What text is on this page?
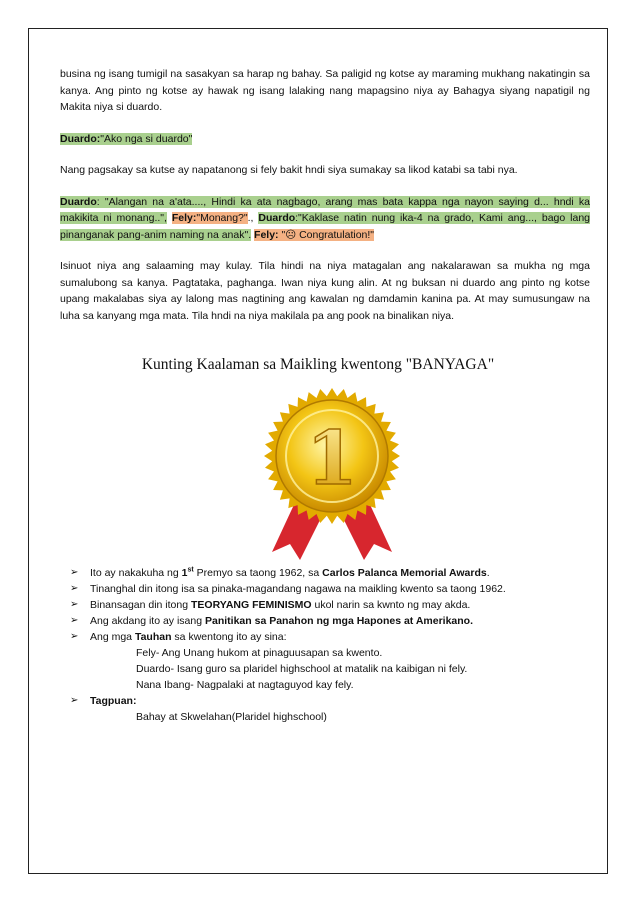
busina ng isang tumigil na sasakyan sa harap ng bahay. Sa paligid ng kotse ay maraming mukhang nakatingin sa kanya. Ang pinto ng kotse ay hawak ng isang lalaking nang mapagsino niya ay Bahagya siyang napatigil ng Makita niya si duardo.

Duardo:"Ako nga si duardo"

Nang pagsakay sa kutse ay napatanong si fely bakit hndi siya sumakay sa likod katabi sa tabi nya.

Duardo: "Alangan na a'ata...., Hindi ka ata nagbago, arang mas bata kappa nga nayon saying d... hndi ka makikita ni monang..", Fely:"Monang?"., Duardo:"Kaklase natin nung ika-4 na grado, Kami ang..., bago lang pinanganak pang-anim naming na anak". Fely: "☹ Congratulation!"

Isinuot niya ang salaaming may kulay. Tila hindi na niya matagalan ang nakalarawan sa mukha ng mga sumalubong sa kanya. Pagtataka, paghanga. Iwan niya kung alin. At ng buksan ni duardo ang pinto ng kotse upang makalabas siya ay lalong mas nagtining ang kawalan ng damdamin kanina pa. At may sumusungaw na luha sa kanyang mga mata. Tila hndi na niya makilala pa ang pook na binalikan niya.

Kunting Kaalaman sa Maikling kwentong "BANYAGA"
1
➢	Ito ay nakakuha ng 1st Premyo sa taong 1962, sa Carlos Palanca Memorial Awards.
➢	Tinanghal din itong isa sa pinaka-magandang nagawa na maikling kwento sa taong 1962.
➢	Binansagan din itong TEORYANG FEMINISMO ukol narin sa kwnto ng may akda.
➢	Ang akdang ito ay isang Panitikan sa Panahon ng mga Hapones at Amerikano.
➢	Ang mga Tauhan sa kwentong ito ay sina:
Fely- Ang Unang hukom at pinaguusapan sa kwento.
Duardo- Isang guro sa plaridel highschool at matalik na kaibigan ni fely.
Nana Ibang- Nagpalaki at nagtaguyod kay fely.
➢	Tagpuan:
Bahay at Skwelahan(Plaridel highschool)
